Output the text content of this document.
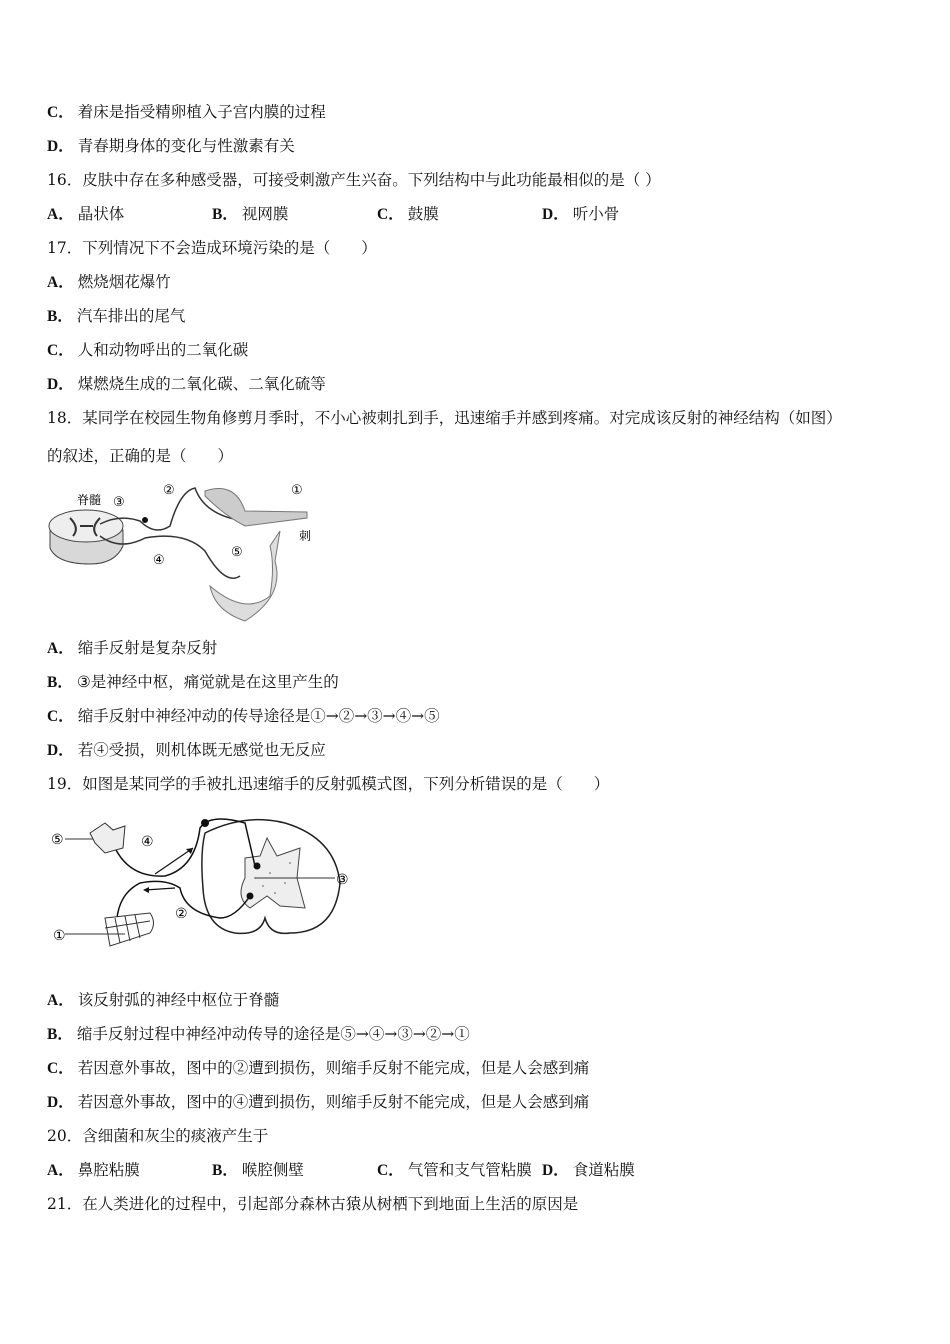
C． 着床是指受精卵植入子宫内膜的过程
D． 青春期身体的变化与性激素有关
16．皮肤中存在多种感受器，可接受刺激产生兴奋。下列结构中与此功能最相似的是（ ）
A． 晶状体	B． 视网膜	C． 鼓膜	D． 听小骨
17．下列情况下不会造成环境污染的是（　　）
A． 燃烧烟花爆竹
B． 汽车排出的尾气
C． 人和动物呼出的二氧化碳
D． 煤燃烧生成的二氧化碳、二氧化硫等
18．某同学在校园生物角修剪月季时，不小心被刺扎到手，迅速缩手并感到疼痛。对完成该反射的神经结构（如图）
的叙述，正确的是（　　）
脊髓 ③
②	①
刺
④
⑤
A． 缩手反射是复杂反射
B． ③是神经中枢，痛觉就是在这里产生的
C． 缩手反射中神经冲动的传导途径是①→②→③→④→⑤
D． 若④受损，则机体既无感觉也无反应
19．如图是某同学的手被扎迅速缩手的反射弧模式图，下列分析错误的是（　　）
⑤	④
③
②
①
A． 该反射弧的神经中枢位于脊髓
B． 缩手反射过程中神经冲动传导的途径是⑤→④→③→②→①
C． 若因意外事故，图中的②遭到损伤，则缩手反射不能完成，但是人会感到痛
D． 若因意外事故，图中的④遭到损伤，则缩手反射不能完成，但是人会感到痛
20．含细菌和灰尘的痰液产生于
A． 鼻腔粘膜	B． 喉腔侧壁	C． 气管和支气管粘膜 D． 食道粘膜
21．在人类进化的过程中，引起部分森林古猿从树栖下到地面上生活的原因是
